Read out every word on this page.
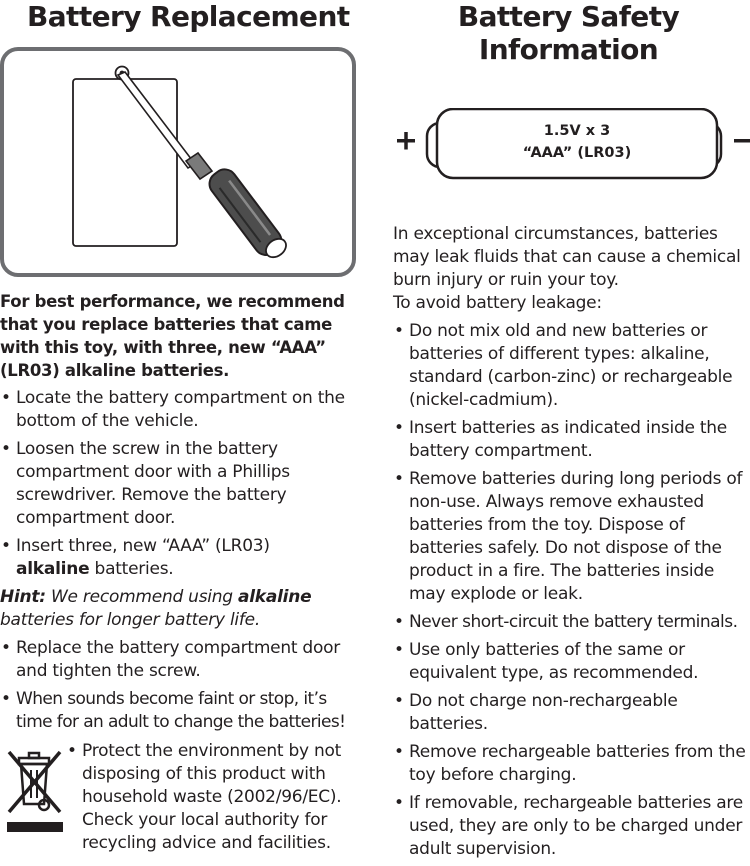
Battery Replacement
For best performance, we recommend that you replace batteries that came with this toy, with three, new “AAA” (LR03) alkaline batteries.
• Locate the battery compartment on the bottom of the vehicle.
• Loosen the screw in the battery compartment door with a Phillips screwdriver. Remove the battery compartment door.
• Insert three, new “AAA” (LR03)
alkaline batteries.

Hint: We recommend using alkaline batteries for longer battery life.

• Replace the battery compartment door and tighten the screw.
• When sounds become faint or stop, it’s time for an adult to change the batteries!
• Protect the environment by not disposing of this product with household waste (2002/96/EC). Check your local authority for recycling advice and facilities.
Battery Safety
Information
1.5V x 3
“AAA” (LR03)

In exceptional circumstances, batteries may leak fluids that can cause a chemical burn injury or ruin your toy.

To avoid battery leakage:

• Do not mix old and new batteries or batteries of different types: alkaline, standard (carbon-zinc) or rechargeable (nickel-cadmium).
• Insert batteries as indicated inside the battery compartment.
• Remove batteries during long periods of non-use. Always remove exhausted batteries from the toy. Dispose of batteries safely. Do not dispose of the product in a fire. The batteries inside may explode or leak.
• Never short-circuit the battery terminals.
• Use only batteries of the same or equivalent type, as recommended.
• Do not charge non-rechargeable batteries.
• Remove rechargeable batteries from the toy before charging.
• If removable, rechargeable batteries are used, they are only to be charged under adult supervision.
